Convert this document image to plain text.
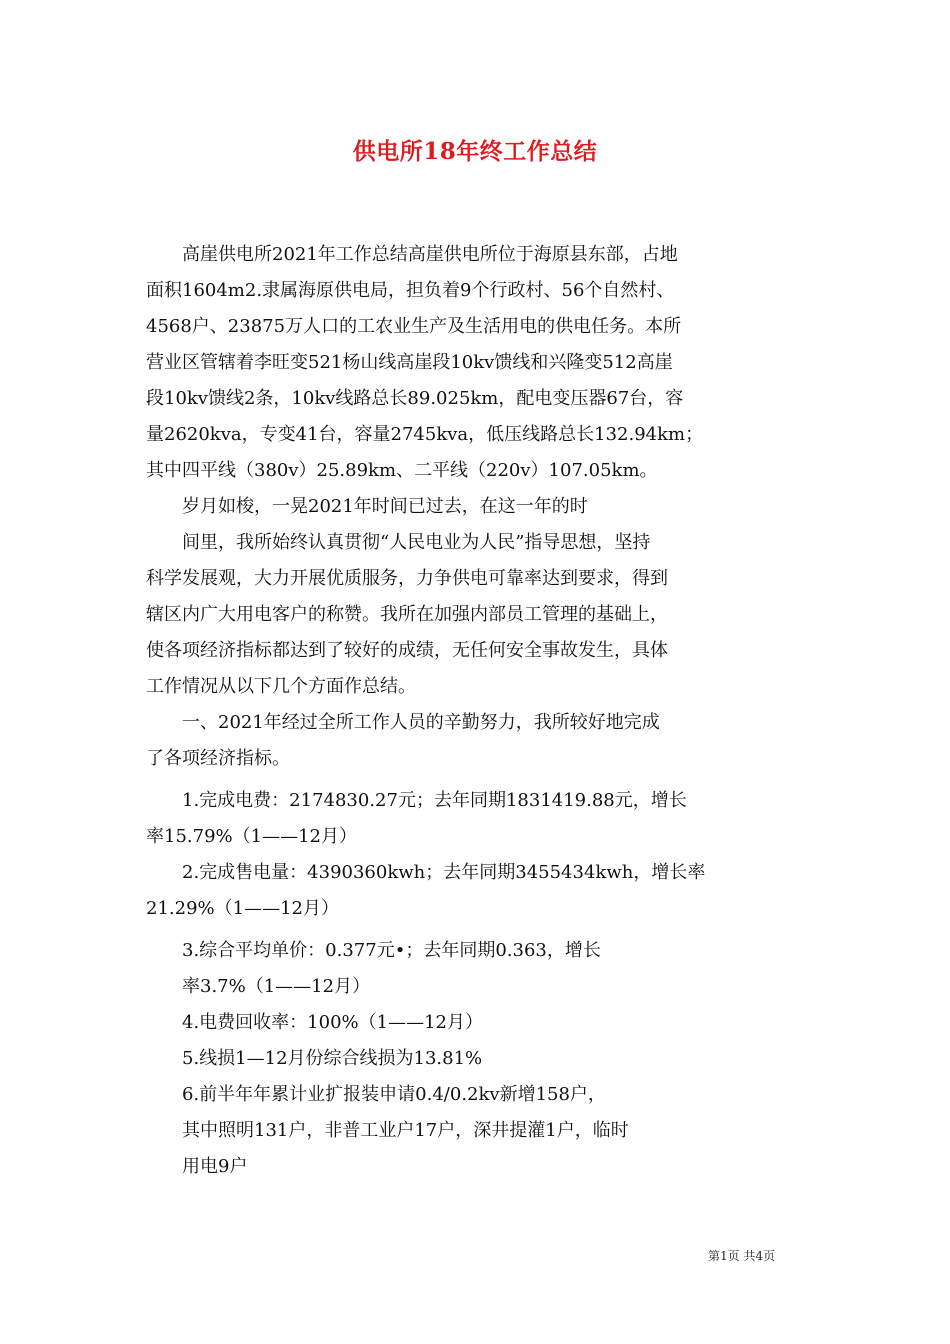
供电所18年终工作总结
　　高崖供电所2021年工作总结高崖供电所位于海原县东部，占地
面积1604m2.隶属海原供电局，担负着9个行政村、56个自然村、
4568户、23875万人口的工农业生产及生活用电的供电任务。本所
营业区管辖着李旺变521杨山线高崖段10kv馈线和兴隆变512高崖
段10kv馈线2条，10kv线路总长89.025km，配电变压器67台，容
量2620kva，专变41台，容量2745kva，低压线路总长132.94km；
其中四平线（380v）25.89km、二平线（220v）107.05km。
　　岁月如梭，一晃2021年时间已过去，在这一年的时
　　间里，我所始终认真贯彻“人民电业为人民”指导思想，坚持
科学发展观，大力开展优质服务，力争供电可靠率达到要求，得到
辖区内广大用电客户的称赞。我所在加强内部员工管理的基础上，
使各项经济指标都达到了较好的成绩，无任何安全事故发生，具体
工作情况从以下几个方面作总结。
　　一、2021年经过全所工作人员的辛勤努力，我所较好地完成
了各项经济指标。
　　1.完成电费：2174830.27元；去年同期1831419.88元，增长
率15.79%（1——12月）
　　2.完成售电量：4390360kwh；去年同期3455434kwh，增长率
21.29%（1——12月）
　　3.综合平均单价：0.377元•；去年同期0.363，增长
　　率3.7%（1——12月）
　　4.电费回收率：100%（1——12月）
　　5.线损1—12月份综合线损为13.81%
　　6.前半年年累计业扩报装申请0.4/0.2kv新增158户，
　　其中照明131户，非普工业户17户，深井提灌1户，临时
　　用电9户
第1页 共4页
